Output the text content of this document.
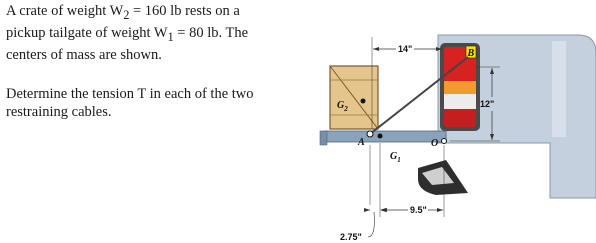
A crate of weight $W_2 = 160$ lb rests on a
pickup tailgate of weight $W_1 = 80$ lb. The
centers of mass are shown.

Determine the tension T in each of the two
restraining cables.

B
$G_2$
A
$G_1$
O
14"
12"
9.5"
2.75"
